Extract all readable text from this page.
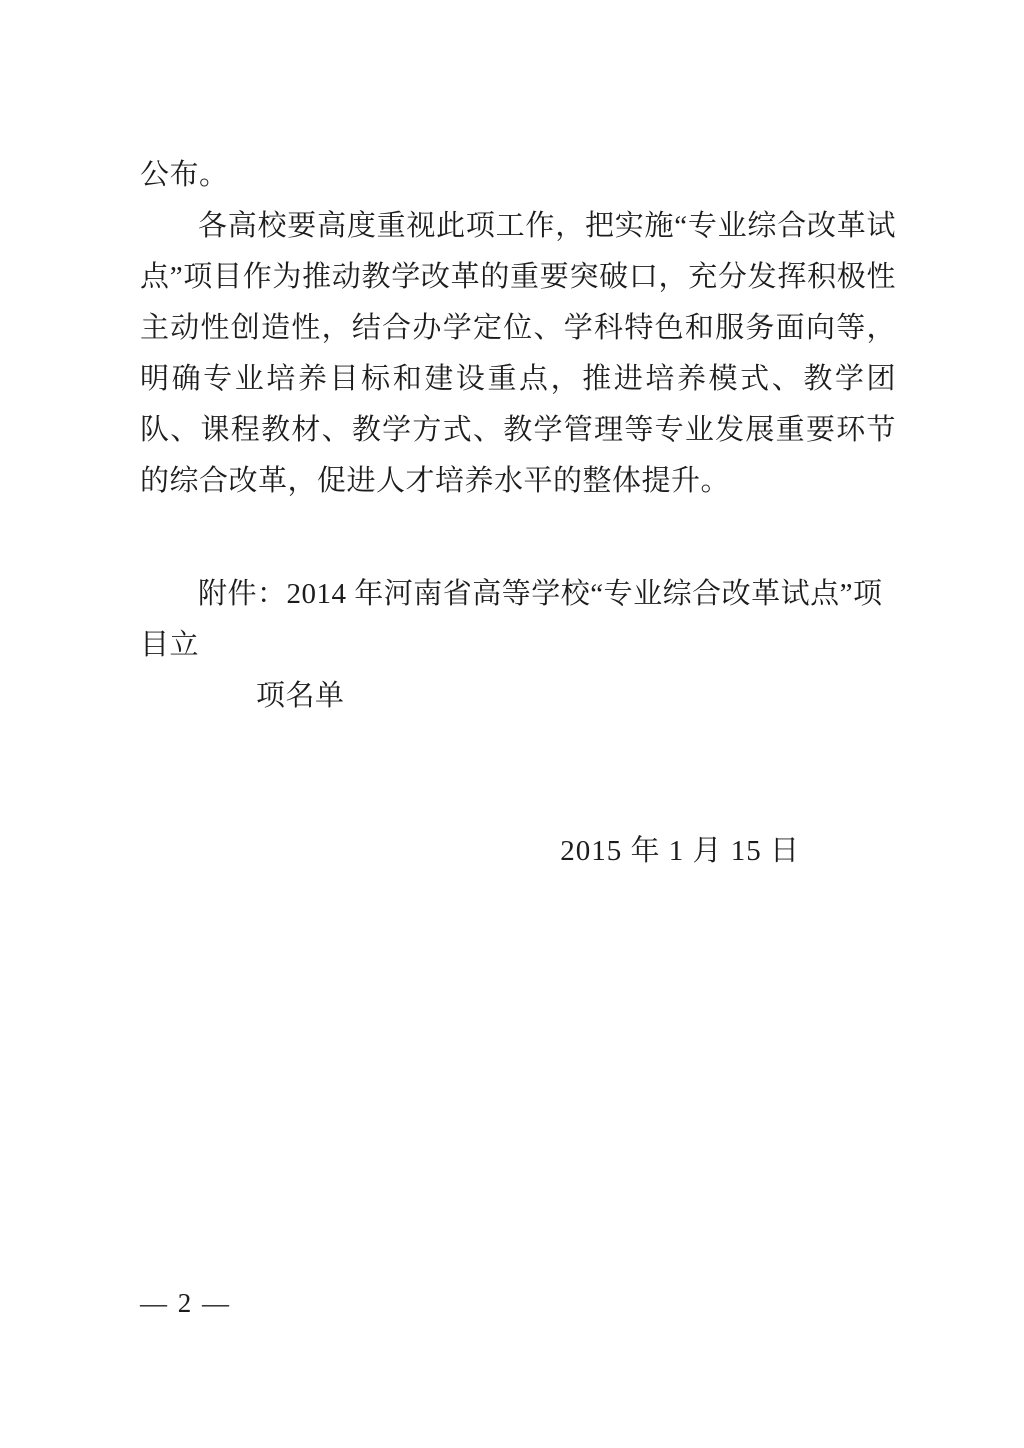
公布。

各高校要高度重视此项工作，把实施“专业综合改革试点”项目作为推动教学改革的重要突破口，充分发挥积极性主动性创造性，结合办学定位、学科特色和服务面向等，明确专业培养目标和建设重点，推进培养模式、教学团队、课程教材、教学方式、教学管理等专业发展重要环节的综合改革，促进人才培养水平的整体提升。

附件：2014 年河南省高等学校“专业综合改革试点”项目立
项名单
2015 年 1 月 15 日
— 2 —
